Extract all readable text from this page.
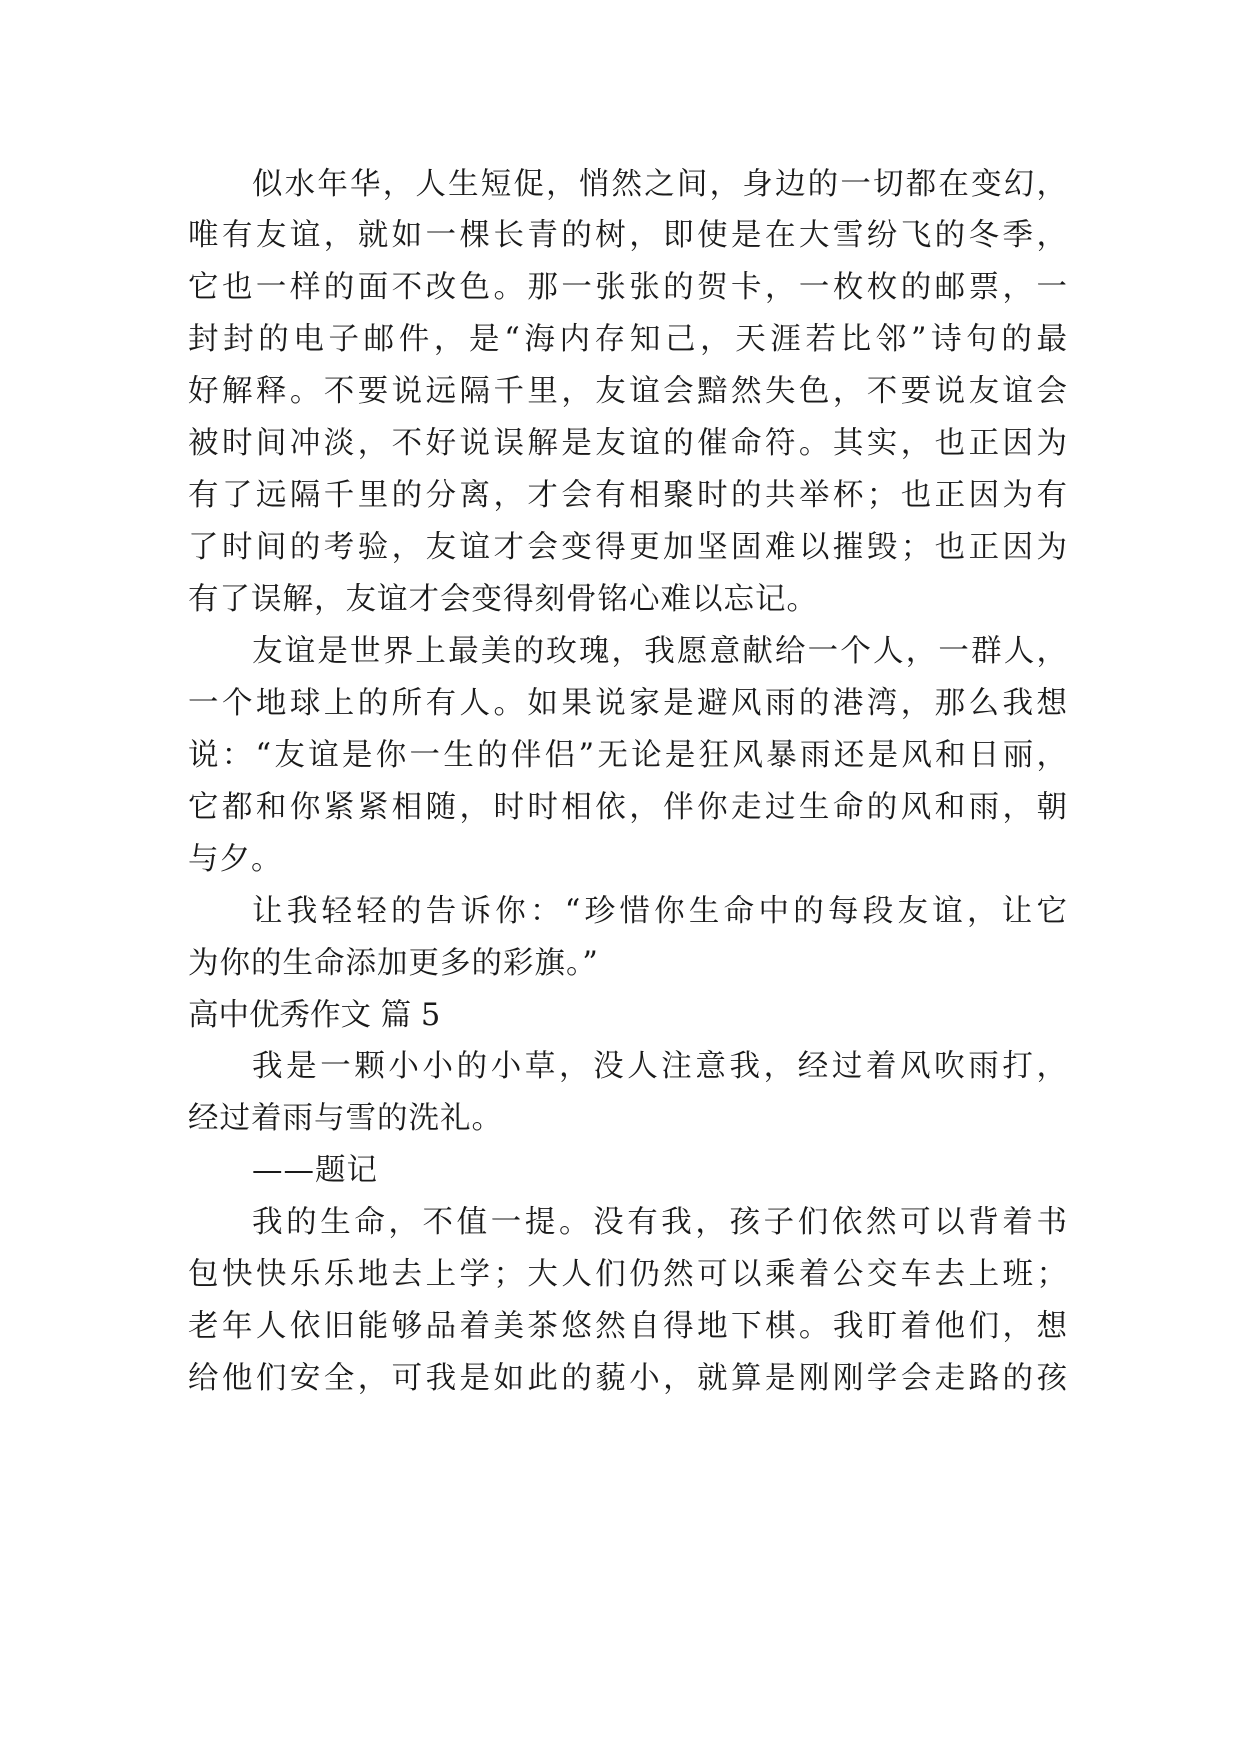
似水年华，人生短促，悄然之间，身边的一切都在变幻，
唯有友谊，就如一棵长青的树，即使是在大雪纷飞的冬季，
它也一样的面不改色。那一张张的贺卡，一枚枚的邮票，一
封封的电子邮件，是“海内存知己，天涯若比邻”诗句的最
好解释。不要说远隔千里，友谊会黯然失色，不要说友谊会
被时间冲淡，不好说误解是友谊的催命符。其实，也正因为
有了远隔千里的分离，才会有相聚时的共举杯；也正因为有
了时间的考验，友谊才会变得更加坚固难以摧毁；也正因为
有了误解，友谊才会变得刻骨铭心难以忘记。
友谊是世界上最美的玫瑰，我愿意献给一个人，一群人，
一个地球上的所有人。如果说家是避风雨的港湾，那么我想
说：“友谊是你一生的伴侣”无论是狂风暴雨还是风和日丽，
它都和你紧紧相随，时时相依，伴你走过生命的风和雨，朝
与夕。
让我轻轻的告诉你：“珍惜你生命中的每段友谊，让它
为你的生命添加更多的彩旗。”
高中优秀作文 篇 5
我是一颗小小的小草，没人注意我，经过着风吹雨打，
经过着雨与雪的洗礼。
——题记
我的生命，不值一提。没有我，孩子们依然可以背着书
包快快乐乐地去上学；大人们仍然可以乘着公交车去上班；
老年人依旧能够品着美茶悠然自得地下棋。我盯着他们，想
给他们安全，可我是如此的藐小，就算是刚刚学会走路的孩
